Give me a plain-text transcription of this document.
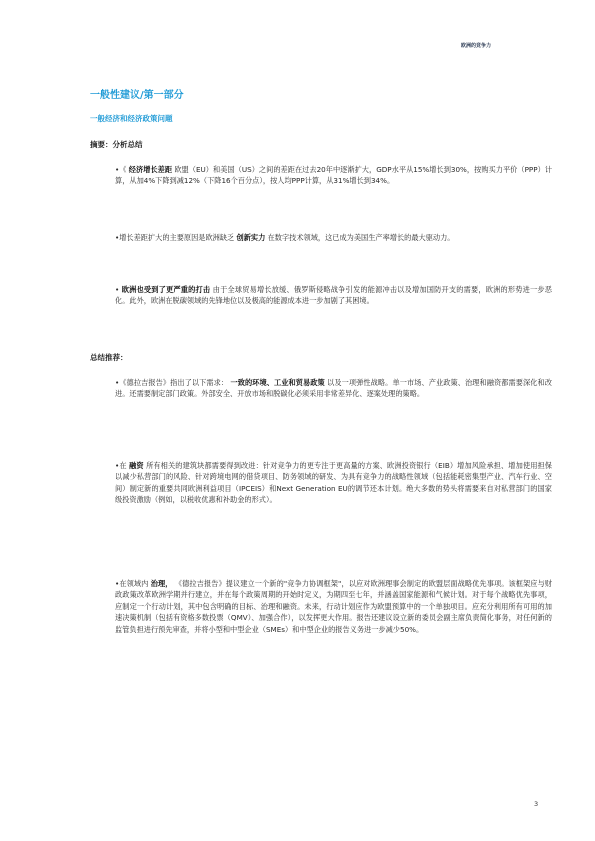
欧洲的竞争力
一般性建议/第一部分
一般经济和经济政策问题
摘要：分析总结
•《 经济增长差距 欧盟（EU）和美国（US）之间的差距在过去20年中逐渐扩大，GDP水平从15%增长到30%，按购买力平价（PPP）计算，从加4%下降到减12%（下降16个百分点），按人均PPP计算，从31%增长到34%。
•增长差距扩大的主要原因是欧洲缺乏 创新实力 在数字技术领域，这已成为美国生产率增长的最大驱动力。
• 欧洲也受到了更严重的打击 由于全球贸易增长放缓、俄罗斯侵略战争引发的能源冲击以及增加国防开支的需要，欧洲的形势进一步恶化。此外，欧洲在脱碳领域的先锋地位以及极高的能源成本进一步加剧了其困境。
总结推荐：
•《德拉吉报告》指出了以下需求： 一致的环境、工业和贸易政策 以及一项弹性战略。单一市场、产业政策、治理和融资都需要深化和改进。还需要制定部门政策。外部安全、开放市场和脱碳化必须采用非常差异化、逐案处理的策略。
•在 融资 所有相关的建筑块都需要得到改进：针对竞争力的更专注于更高量的方案、欧洲投资银行（EIB）增加风险承担、增加使用担保以减少私营部门的风险、针对跨境电网的借贷项目、防务领域的研发、为具有竞争力的战略性领域（包括能耗密集型产业、汽车行业、空间）制定新的重要共同欧洲利益项目（IPCEIS）和Next Generation EU的调节还本计划。绝大多数的势头将需要来自对私营部门的国家级投资激励（例如，以税收优惠和补助金的形式）。
•在领域内 治理， 《德拉吉报告》提议建立一个新的"竞争力协调框架"，以应对欧洲理事会制定的欧盟层面战略优先事项。该框架应与财政政策改革欧洲学期并行建立，并在每个政策周期的开始时定义，为期四至七年，并涵盖国家能源和气候计划。对于每个战略优先事项，应制定一个行动计划，其中包含明确的目标、治理和融资。未来，行动计划应作为欧盟预算中的一个单独项目。应充分利用所有可用的加速决策机制（包括有资格多数投票（QMV）、加强合作），以发挥更大作用。报告还建议设立新的委员会副主席负责简化事务，对任何新的监管负担进行预先审查，并将小型和中型企业（SMEs）和中型企业的报告义务进一步减少50%。
3
